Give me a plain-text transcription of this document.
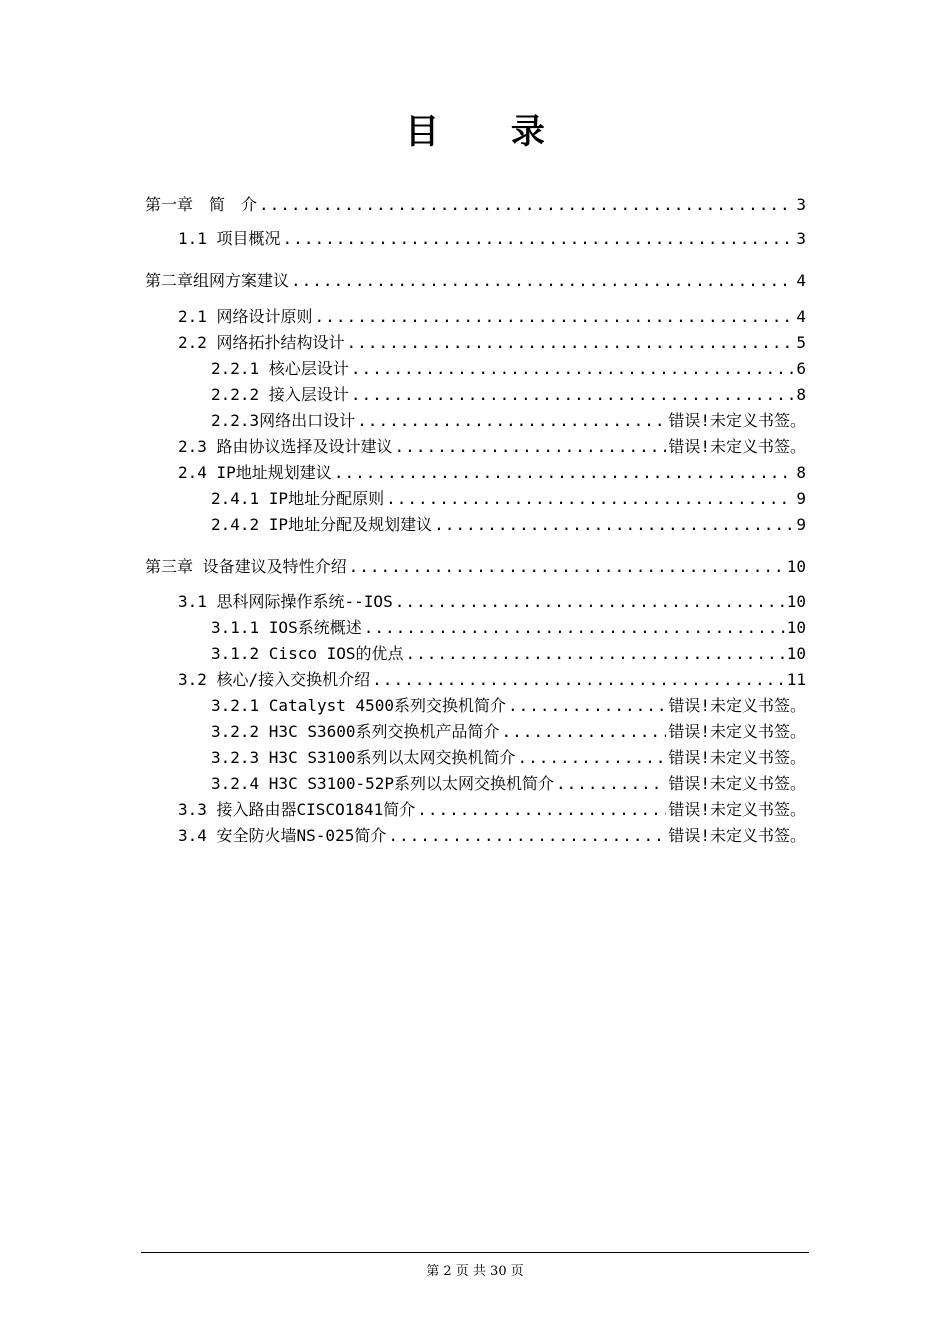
目 录
第一章　简　介 .....	3
1.1 项目概况 .....	3
第二章组网方案建议 .....	4
2.1 网络设计原则 .....	4
2.2 网络拓扑结构设计 .....	5
2.2.1 核心层设计 .....	6
2.2.2 接入层设计 .....	8
2.2.3网络出口设计 .....	错误!未定义书签。
2.3 路由协议选择及设计建议 .....	错误!未定义书签。
2.4 IP地址规划建议 .....	8
2.4.1 IP地址分配原则 .....	9
2.4.2 IP地址分配及规划建议 .....	9
第三章 设备建议及特性介绍 .....	10
3.1 思科网际操作系统--IOS .....	10
3.1.1 IOS系统概述 .....	10
3.1.2 Cisco IOS的优点 .....	10
3.2 核心/接入交换机介绍 .....	11
3.2.1 Catalyst 4500系列交换机简介 .....	错误!未定义书签。
3.2.2 H3C S3600系列交换机产品简介 .....	错误!未定义书签。
3.2.3 H3C S3100系列以太网交换机简介 .....	错误!未定义书签。
3.2.4 H3C S3100-52P系列以太网交换机简介 .....	错误!未定义书签。
3.3 接入路由器CISCO1841简介 .....	错误!未定义书签。
3.4 安全防火墙NS-025简介 .....	错误!未定义书签。
第 2 页 共 30 页
